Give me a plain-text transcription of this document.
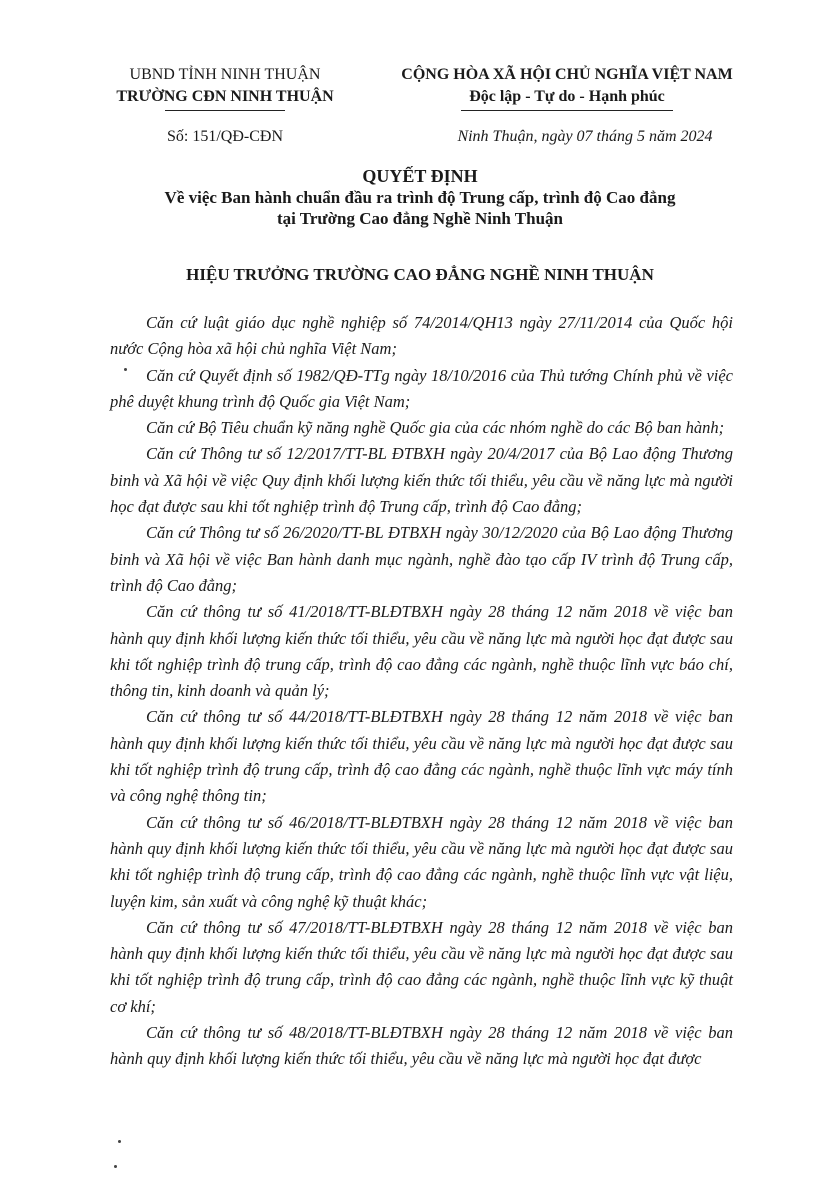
UBND TỈNH NINH THUẬN
TRƯỜNG CĐN NINH THUẬN
CỘNG HÒA XÃ HỘI CHỦ NGHĨA VIỆT NAM
Độc lập - Tự do - Hạnh phúc
Số: 151/QĐ-CĐN	Ninh Thuận, ngày 07 tháng 5 năm 2024
QUYẾT ĐỊNH
Về việc Ban hành chuẩn đầu ra trình độ Trung cấp, trình độ Cao đẳng
tại Trường Cao đẳng Nghề Ninh Thuận
HIỆU TRƯỞNG TRƯỜNG CAO ĐẲNG NGHỀ NINH THUẬN

Căn cứ luật giáo dục nghề nghiệp số 74/2014/QH13 ngày 27/11/2014 của Quốc hội nước Cộng hòa xã hội chủ nghĩa Việt Nam;

Căn cứ Quyết định số 1982/QĐ-TTg ngày 18/10/2016 của Thủ tướng Chính phủ về việc phê duyệt khung trình độ Quốc gia Việt Nam;

Căn cứ Bộ Tiêu chuẩn kỹ năng nghề Quốc gia của các nhóm nghề do các Bộ ban hành;

Căn cứ Thông tư số 12/2017/TT-BL ĐTBXH ngày 20/4/2017 của Bộ Lao động Thương binh và Xã hội về việc Quy định khối lượng kiến thức tối thiểu, yêu cầu về năng lực mà người học đạt được sau khi tốt nghiệp trình độ Trung cấp, trình độ Cao đẳng;

Căn cứ Thông tư số 26/2020/TT-BL ĐTBXH ngày 30/12/2020 của Bộ Lao động Thương binh và Xã hội về việc Ban hành danh mục ngành, nghề đào tạo cấp IV trình độ Trung cấp, trình độ Cao đẳng;

Căn cứ thông tư số 41/2018/TT-BLĐTBXH ngày 28 tháng 12 năm 2018 về việc ban hành quy định khối lượng kiến thức tối thiểu, yêu cầu về năng lực mà người học đạt được sau khi tốt nghiệp trình độ trung cấp, trình độ cao đẳng các ngành, nghề thuộc lĩnh vực báo chí, thông tin, kinh doanh và quản lý;

Căn cứ thông tư số 44/2018/TT-BLĐTBXH ngày 28 tháng 12 năm 2018 về việc ban hành quy định khối lượng kiến thức tối thiểu, yêu cầu về năng lực mà người học đạt được sau khi tốt nghiệp trình độ trung cấp, trình độ cao đẳng các ngành, nghề thuộc lĩnh vực máy tính và công nghệ thông tin;

Căn cứ thông tư số 46/2018/TT-BLĐTBXH ngày 28 tháng 12 năm 2018 về việc ban hành quy định khối lượng kiến thức tối thiểu, yêu cầu về năng lực mà người học đạt được sau khi tốt nghiệp trình độ trung cấp, trình độ cao đẳng các ngành, nghề thuộc lĩnh vực vật liệu, luyện kim, sản xuất và công nghệ kỹ thuật khác;

Căn cứ thông tư số 47/2018/TT-BLĐTBXH ngày 28 tháng 12 năm 2018 về việc ban hành quy định khối lượng kiến thức tối thiểu, yêu cầu về năng lực mà người học đạt được sau khi tốt nghiệp trình độ trung cấp, trình độ cao đẳng các ngành, nghề thuộc lĩnh vực kỹ thuật cơ khí;

Căn cứ thông tư số 48/2018/TT-BLĐTBXH ngày 28 tháng 12 năm 2018 về việc ban hành quy định khối lượng kiến thức tối thiểu, yêu cầu về năng lực mà người học đạt được
